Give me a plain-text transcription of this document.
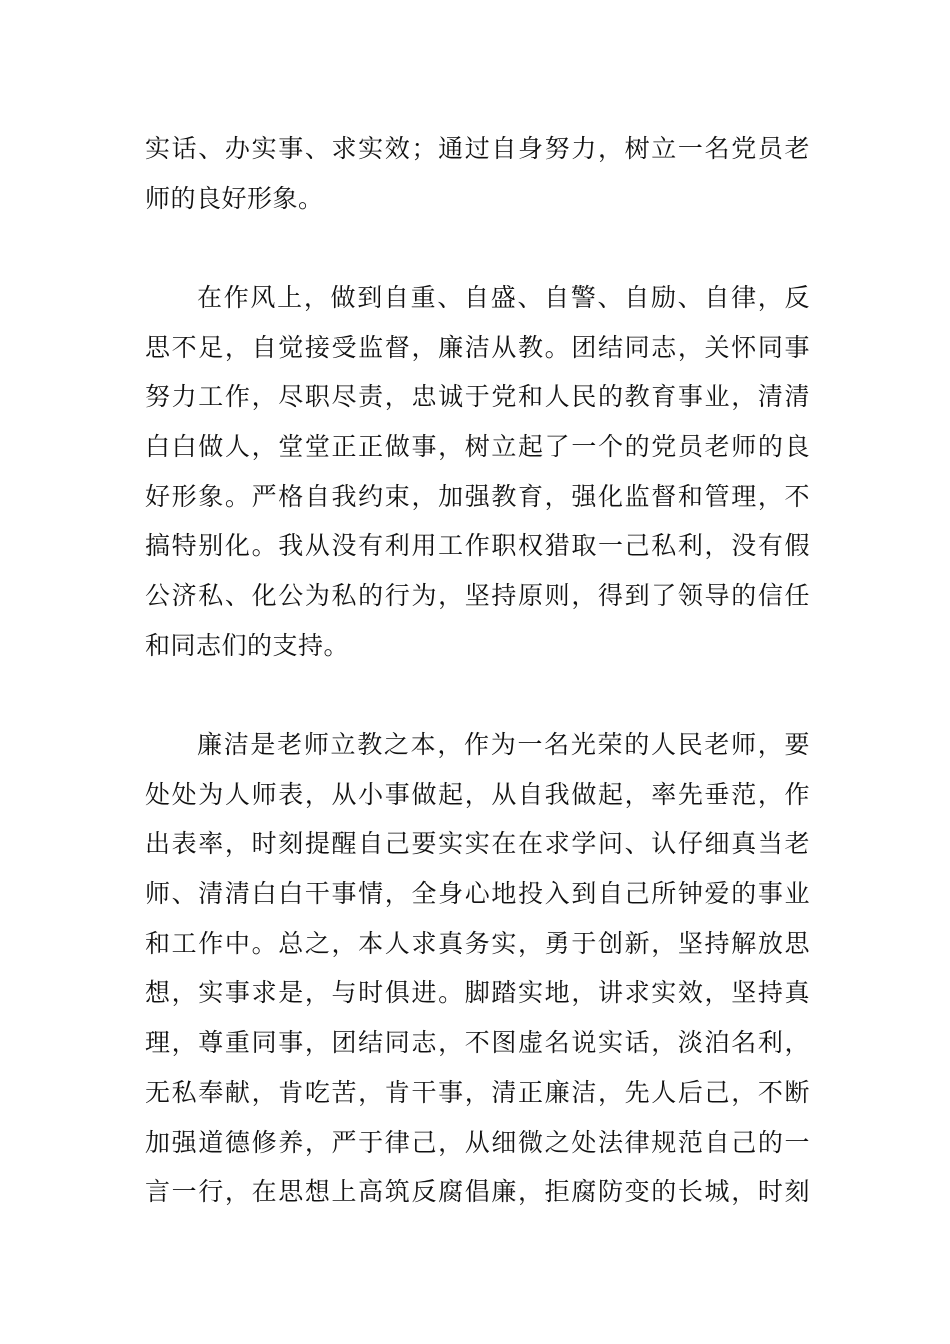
实话、办实事、求实效；通过自身努力，树立一名党员老
师的良好形象。
在作风上，做到自重、自盛、自警、自励、自律，反
思不足，自觉接受监督，廉洁从教。团结同志，关怀同事
努力工作，尽职尽责，忠诚于党和人民的教育事业，清清
白白做人，堂堂正正做事，树立起了一个的党员老师的良
好形象。严格自我约束，加强教育，强化监督和管理，不
搞特别化。我从没有利用工作职权猎取一己私利，没有假
公济私、化公为私的行为，坚持原则，得到了领导的信任
和同志们的支持。
廉洁是老师立教之本，作为一名光荣的人民老师，要
处处为人师表，从小事做起，从自我做起，率先垂范，作
出表率，时刻提醒自己要实实在在求学问、认仔细真当老
师、清清白白干事情，全身心地投入到自己所钟爱的事业
和工作中。总之，本人求真务实，勇于创新，坚持解放思
想，实事求是，与时俱进。脚踏实地，讲求实效，坚持真
理，尊重同事，团结同志，不图虚名说实话，淡泊名利，
无私奉献，肯吃苦，肯干事，清正廉洁，先人后己，不断
加强道德修养，严于律己，从细微之处法律规范自己的一
言一行，在思想上高筑反腐倡廉，拒腐防变的长城，时刻
